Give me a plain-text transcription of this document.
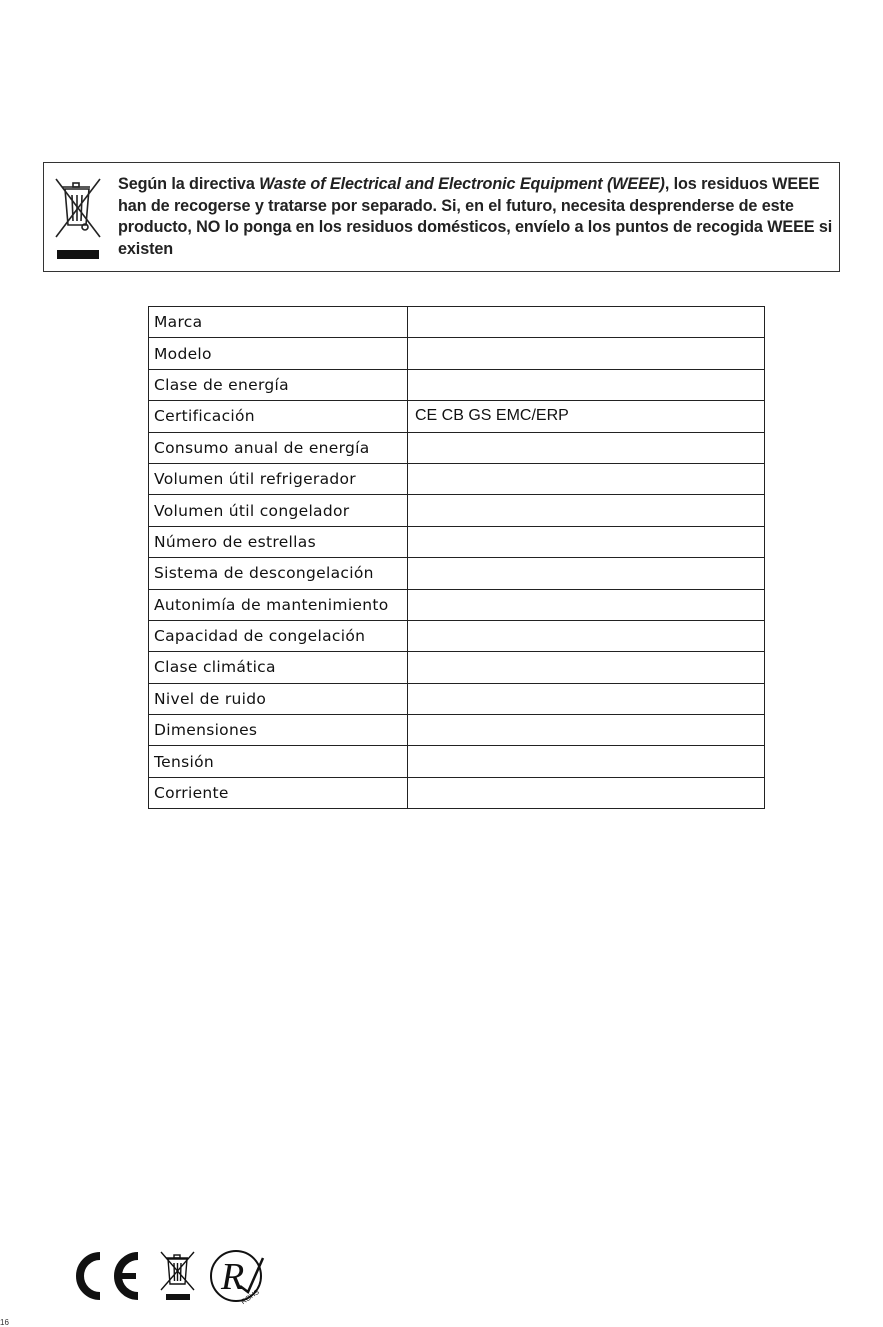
Según la directiva Waste of Electrical and Electronic Equipment (WEEE), los residuos WEEE han de recogerse y tratarse por separado. Si, en el futuro, necesita desprenderse de este producto, NO lo ponga en los residuos domésticos, envíelo a los puntos de recogida WEEE si existen
Marca	
Modelo	
Clase de energía	
Certificación	CE CB GS EMC/ERP
Consumo anual de energía	
Volumen útil refrigerador	
Volumen útil congelador	
Número de estrellas	
Sistema de descongelación	
Autonimía de mantenimiento	
Capacidad de congelación	
Clase climática	
Nivel de ruido	
Dimensiones	
Tensión	
Corriente	
R
ROHS
16
